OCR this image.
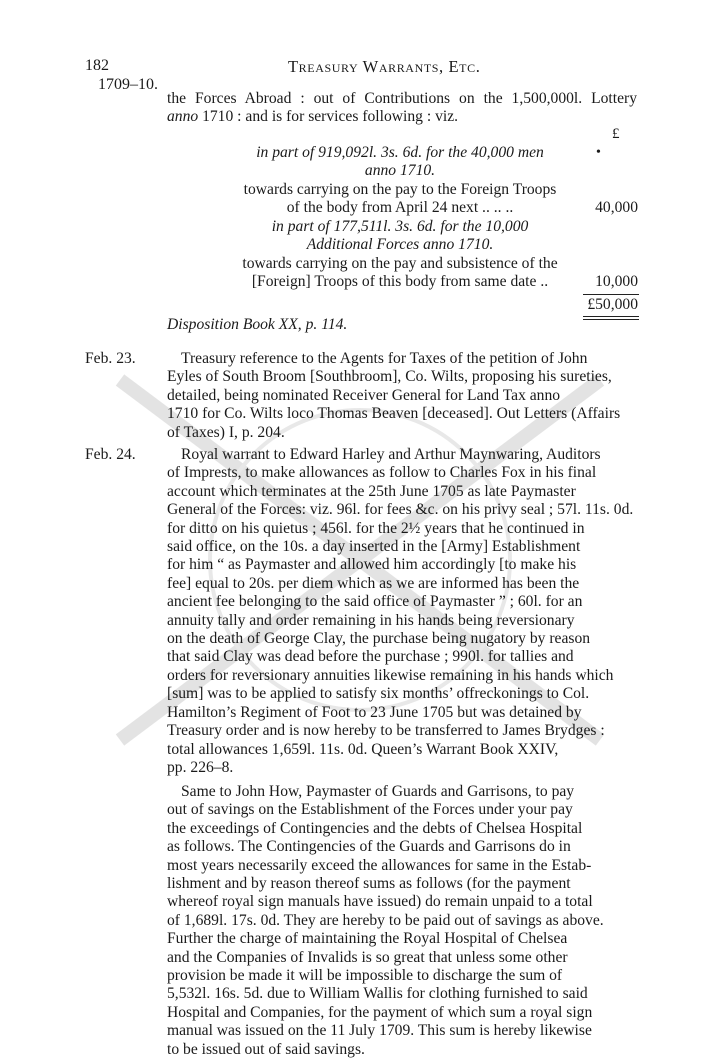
182
1709–10.
Treasury Warrants, Etc.
the Forces Abroad : out of Contributions on the 1,500,000l. Lottery
anno 1710 : and is for services following : viz.
£
•
in part of 919,092l. 3s. 6d. for the 40,000 men
anno 1710.
towards carrying on the pay to the Foreign Troops
of the body from April 24 next .. .. ..	40,000
in part of 177,511l. 3s. 6d. for the 10,000
Additional Forces anno 1710.
towards carrying on the pay and subsistence of the
[Foreign] Troops of this body from same date ..	10,000
£50,000
Disposition Book XX, p. 114.
Feb. 23.	Treasury reference to the Agents for Taxes of the petition of John
Eyles of South Broom [Southbroom], Co. Wilts, proposing his sureties,
detailed, being nominated Receiver General for Land Tax anno
1710 for Co. Wilts loco Thomas Beaven [deceased]. Out Letters (Affairs
of Taxes) I, p. 204.
Feb. 24.	Royal warrant to Edward Harley and Arthur Maynwaring, Auditors
of Imprests, to make allowances as follow to Charles Fox in his final
account which terminates at the 25th June 1705 as late Paymaster
General of the Forces: viz. 96l. for fees &c. on his privy seal ; 57l. 11s. 0d.
for ditto on his quietus ; 456l. for the 2½ years that he continued in
said office, on the 10s. a day inserted in the [Army] Establishment
for him “ as Paymaster and allowed him accordingly [to make his
fee] equal to 20s. per diem which as we are informed has been the
ancient fee belonging to the said office of Paymaster ” ; 60l. for an
annuity tally and order remaining in his hands being reversionary
on the death of George Clay, the purchase being nugatory by reason
that said Clay was dead before the purchase ; 990l. for tallies and
orders for reversionary annuities likewise remaining in his hands which
[sum] was to be applied to satisfy six months’ offreckonings to Col.
Hamilton’s Regiment of Foot to 23 June 1705 but was detained by
Treasury order and is now hereby to be transferred to James Brydges :
total allowances 1,659l. 11s. 0d. Queen’s Warrant Book XXIV,
pp. 226–8.
Same to John How, Paymaster of Guards and Garrisons, to pay
out of savings on the Establishment of the Forces under your pay
the exceedings of Contingencies and the debts of Chelsea Hospital
as follows. The Contingencies of the Guards and Garrisons do in
most years necessarily exceed the allowances for same in the Estab-
lishment and by reason thereof sums as follows (for the payment
whereof royal sign manuals have issued) do remain unpaid to a total
of 1,689l. 17s. 0d. They are hereby to be paid out of savings as above.
Further the charge of maintaining the Royal Hospital of Chelsea
and the Companies of Invalids is so great that unless some other
provision be made it will be impossible to discharge the sum of
5,532l. 16s. 5d. due to William Wallis for clothing furnished to said
Hospital and Companies, for the payment of which sum a royal sign
manual was issued on the 11 July 1709. This sum is hereby likewise
to be issued out of said savings.
